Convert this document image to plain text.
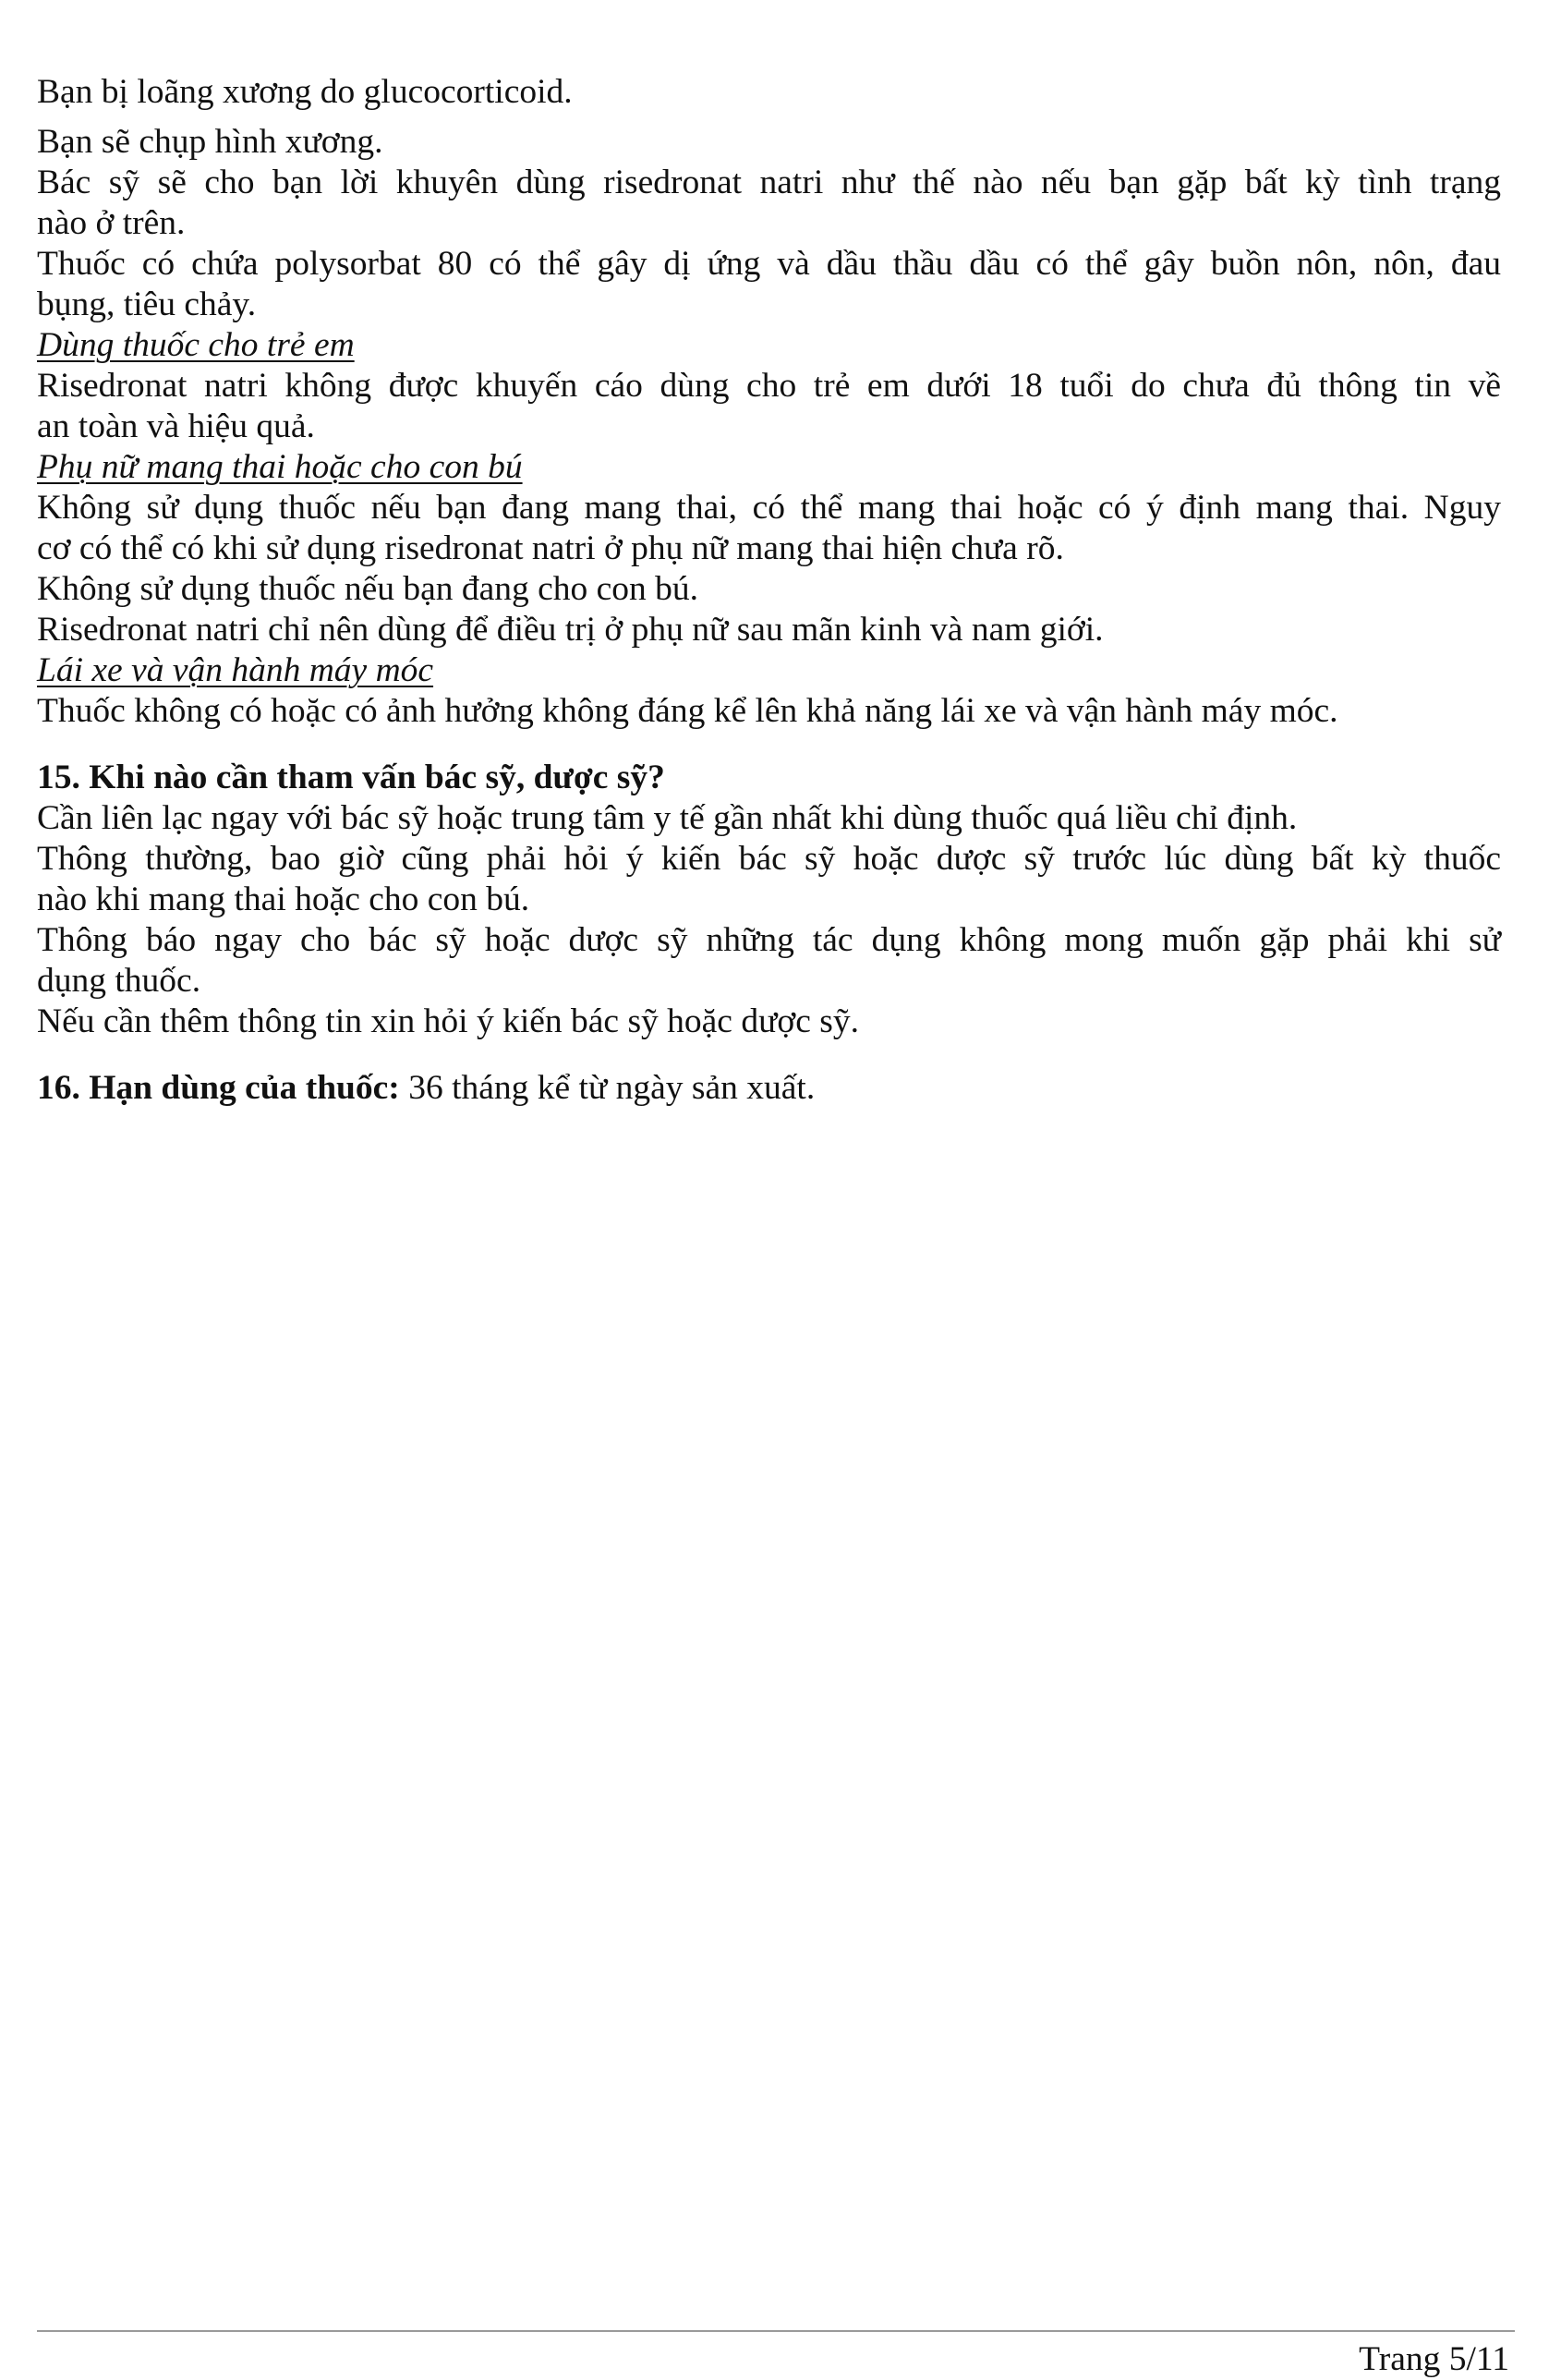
Bạn bị loãng xương do glucocorticoid.
Bạn sẽ chụp hình xương.
Bác sỹ sẽ cho bạn lời khuyên dùng risedronat natri như thế nào nếu bạn gặp bất kỳ tình trạng
nào ở trên.
Thuốc có chứa polysorbat 80 có thể gây dị ứng và dầu thầu dầu có thể gây buồn nôn, nôn, đau
bụng, tiêu chảy.
Dùng thuốc cho trẻ em
Risedronat natri không được khuyến cáo dùng cho trẻ em dưới 18 tuổi do chưa đủ thông tin về
an toàn và hiệu quả.
Phụ nữ mang thai hoặc cho con bú
Không sử dụng thuốc nếu bạn đang mang thai, có thể mang thai hoặc có ý định mang thai. Nguy
cơ có thể có khi sử dụng risedronat natri ở phụ nữ mang thai hiện chưa rõ.
Không sử dụng thuốc nếu bạn đang cho con bú.
Risedronat natri chỉ nên dùng để điều trị ở phụ nữ sau mãn kinh và nam giới.
Lái xe và vận hành máy móc
Thuốc không có hoặc có ảnh hưởng không đáng kể lên khả năng lái xe và vận hành máy móc.
15. Khi nào cần tham vấn bác sỹ, dược sỹ?
Cần liên lạc ngay với bác sỹ hoặc trung tâm y tế gần nhất khi dùng thuốc quá liều chỉ định.
Thông thường, bao giờ cũng phải hỏi ý kiến bác sỹ hoặc dược sỹ trước lúc dùng bất kỳ thuốc
nào khi mang thai hoặc cho con bú.
Thông báo ngay cho bác sỹ hoặc dược sỹ những tác dụng không mong muốn gặp phải khi sử
dụng thuốc.
Nếu cần thêm thông tin xin hỏi ý kiến bác sỹ hoặc dược sỹ.
16. Hạn dùng của thuốc: 36 tháng kể từ ngày sản xuất.
Trang 5/11
